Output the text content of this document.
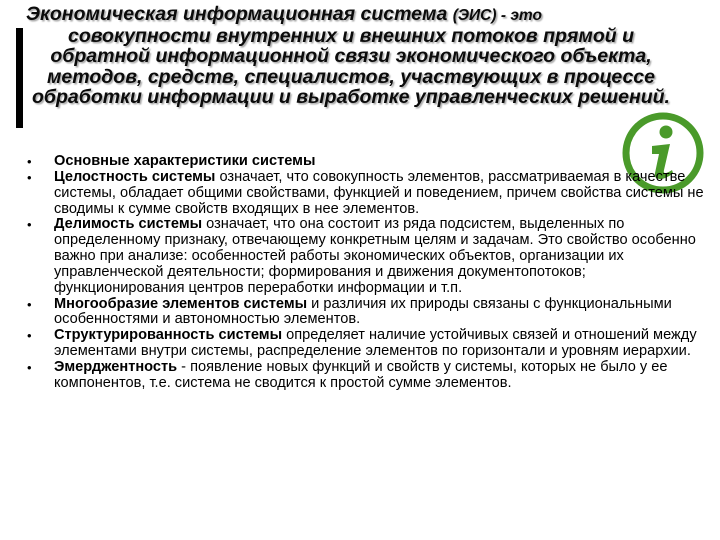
Экономическая информационная система (ЭИС) - это
совокупности внутренних и внешних потоков прямой и обратной информационной связи экономического объекта, методов, средств, специалистов, участвующих в процессе обработки информации и выработке управленческих решений.
• Основные характеристики системы
• Целостность системы означает, что совокупность элементов, рассматриваемая в качестве системы, обладает общими свойствами, функцией и поведением, причем свойства системы не сводимы к сумме свойств входящих в нее элементов.
• Делимость системы означает, что она состоит из ряда подсистем, выделенных по определенному признаку, отвечающему конкретным целям и задачам. Это свойство особенно важно при анализе: особенностей работы экономических объектов, организации их управленческой деятельности; формирования и движения документопотоков; функционирования центров переработки информации и т.п.
• Многообразие элементов системы и различия их природы связаны с функциональными особенностями и автономностью элементов.
• Структурированность системы определяет наличие устойчивых связей и отношений между элементами внутри системы, распределение элементов по горизонтали и уровням иерархии.
• Эмерджентность - появление новых функций и свойств у системы, которых не было у ее компонентов, т.е. система не сводится к простой сумме элементов.
